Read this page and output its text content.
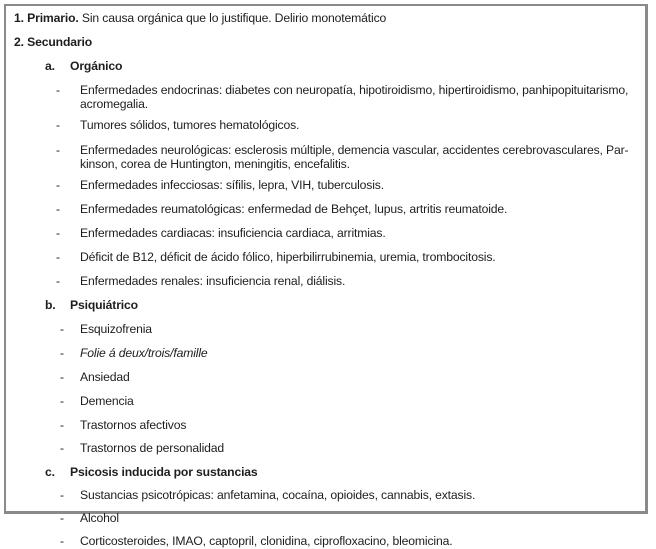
1. Primario. Sin causa orgánica que lo justifique. Delirio monotemático
2. Secundario
a. Orgánico
- Enfermedades endocrinas: diabetes con neuropatía, hipotiroidismo, hipertiroidismo, panhipopituitarismo,
acromegalia.
- Tumores sólidos, tumores hematológicos.
- Enfermedades neurológicas: esclerosis múltiple, demencia vascular, accidentes cerebrovasculares, Par-
kinson, corea de Huntington, meningitis, encefalitis.
- Enfermedades infecciosas: sífilis, lepra, VIH, tuberculosis.
- Enfermedades reumatológicas: enfermedad de Behçet, lupus, artritis reumatoide.
- Enfermedades cardiacas: insuficiencia cardiaca, arritmias.
- Déficit de B12, déficit de ácido fólico, hiperbilirrubinemia, uremia, trombocitosis.
- Enfermedades renales: insuficiencia renal, diálisis.
b. Psiquiátrico
- Esquizofrenia
- Folie á deux/trois/famille
- Ansiedad
- Demencia
- Trastornos afectivos
- Trastornos de personalidad
c. Psicosis inducida por sustancias
- Sustancias psicotrópicas: anfetamina, cocaína, opioides, cannabis, extasis.
- Alcohol
- Corticosteroides, IMAO, captopril, clonidina, ciprofloxacino, bleomicina.
